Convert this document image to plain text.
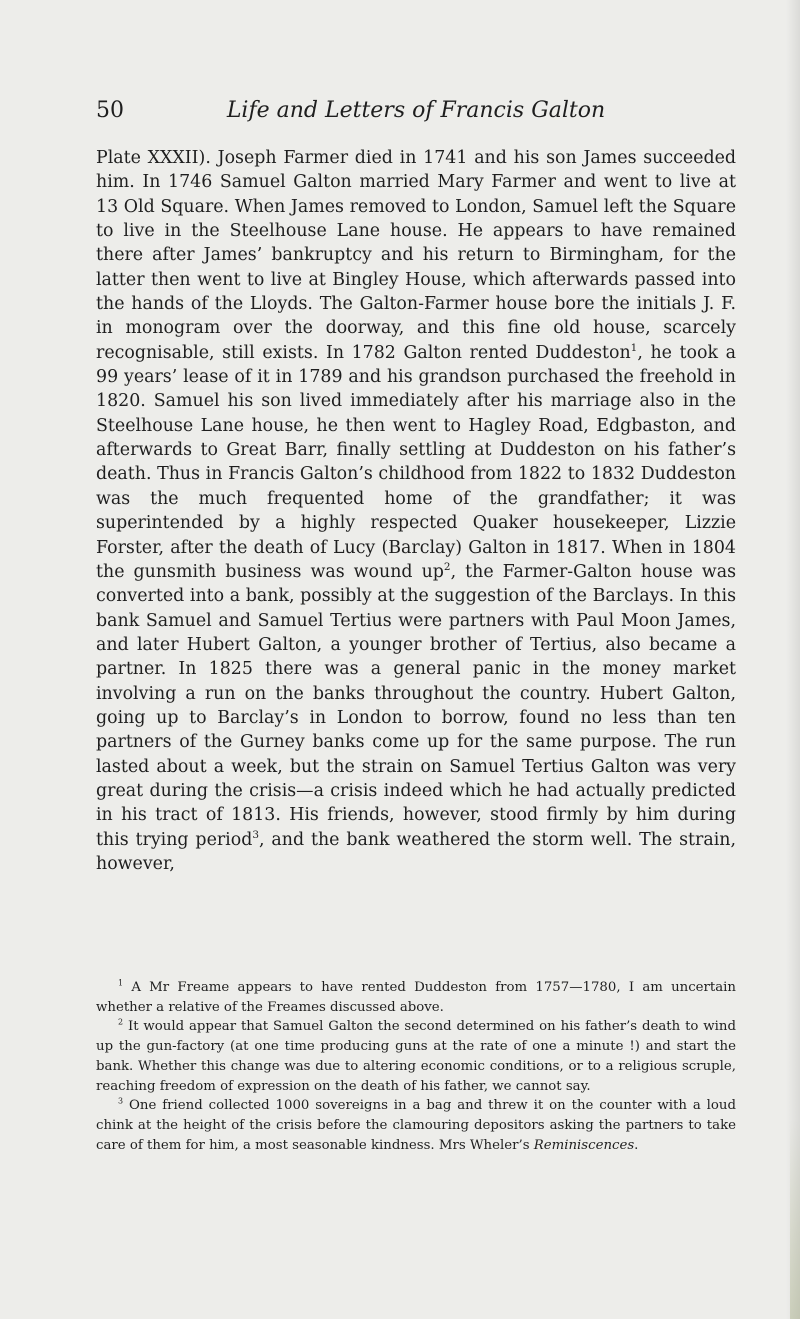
50	Life and Letters of Francis Galton

Plate XXXII). Joseph Farmer died in 1741 and his son James succeeded him. In 1746 Samuel Galton married Mary Farmer and went to live at 13 Old Square. When James removed to London, Samuel left the Square to live in the Steelhouse Lane house. He appears to have remained there after James’ bankruptcy and his return to Birmingham, for the latter then went to live at Bingley House, which afterwards passed into the hands of the Lloyds. The Galton-Farmer house bore the initials J. F. in monogram over the doorway, and this fine old house, scarcely recognisable, still exists. In 1782 Galton rented Duddeston$^1$, he took a 99 years’ lease of it in 1789 and his grandson purchased the freehold in 1820. Samuel his son lived immediately after his marriage also in the Steelhouse Lane house, he then went to Hagley Road, Edgbaston, and afterwards to Great Barr, finally settling at Duddeston on his father’s death. Thus in Francis Galton’s childhood from 1822 to 1832 Duddeston was the much frequented home of the grandfather; it was superintended by a highly respected Quaker housekeeper, Lizzie Forster, after the death of Lucy (Barclay) Galton in 1817. When in 1804 the gunsmith business was wound $up^2$, the Farmer-Galton house was converted into a bank, possibly at the suggestion of the Barclays. In this bank Samuel and Samuel Tertius were partners with Paul Moon James, and later Hubert Galton, a younger brother of Tertius, also became a partner. In 1825 there was a general panic in the money market involving a run on the banks throughout the country. Hubert Galton, going up to Barclay’s in London to borrow, found no less than ten partners of the Gurney banks come up for the same purpose. The run lasted about a week, but the strain on Samuel Tertius Galton was very great during the crisis—a crisis indeed which he had actually predicted in his tract of 1813. His friends, however, stood firmly by him during this trying period$^3$, and the bank weathered the storm well. The strain, however,

$^1$ A Mr Freame appears to have rented Duddeston from 1757—1780, I am uncertain whether a relative of the Freames discussed above.

$^2$ It would appear that Samuel Galton the second determined on his father’s death to wind up the gun-factory (at one time producing guns at the rate of one a minute !) and start the bank. Whether this change was due to altering economic conditions, or to a religious scruple, reaching freedom of expression on the death of his father, we cannot say.

$^3$ One friend collected 1000 sovereigns in a bag and threw it on the counter with a loud chink at the height of the crisis before the clamouring depositors asking the partners to take care of them for him, a most seasonable kindness. Mrs Wheler’s Reminiscences.
